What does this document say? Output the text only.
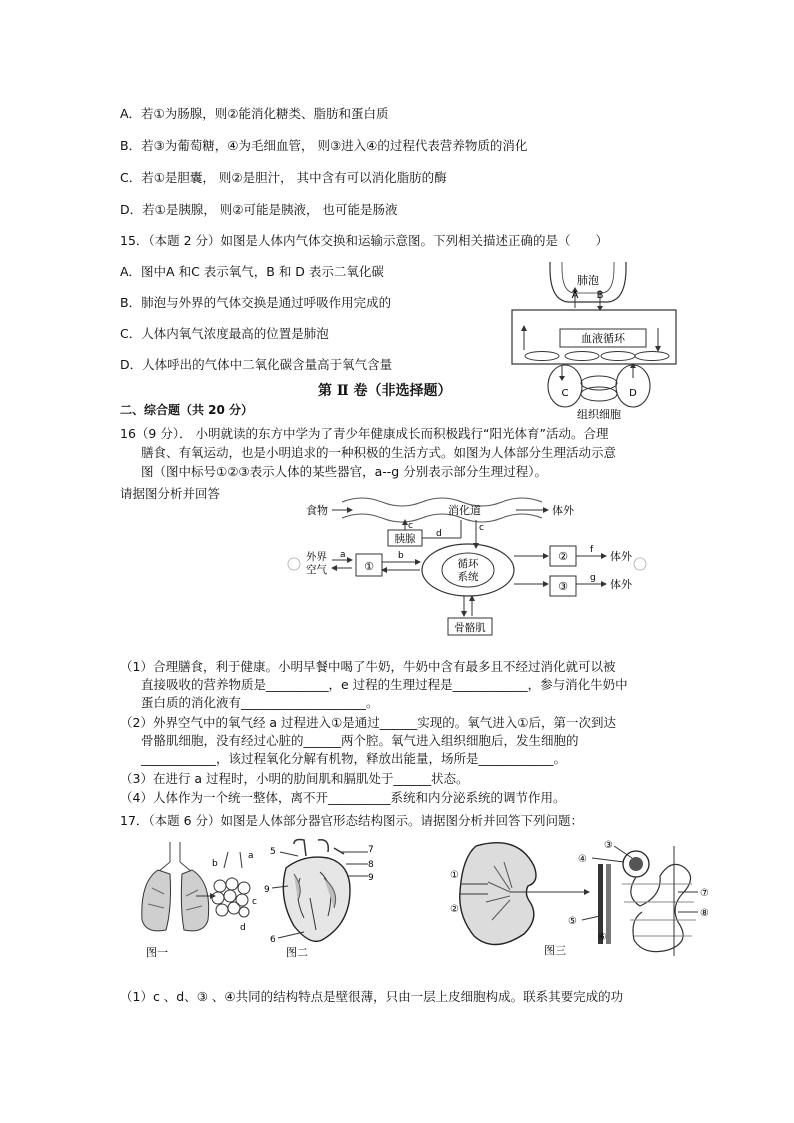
A．若①为肠腺，则②能消化糖类、脂肪和蛋白质
B．若③为葡萄糖，④为毛细血管， 则③进入④的过程代表营养物质的消化
C．若①是胆囊， 则②是胆汁， 其中含有可以消化脂肪的酶
D．若①是胰腺， 则②可能是胰液， 也可能是肠液
15．（本题 2 分）如图是人体内气体交换和运输示意图。下列相关描述正确的是（　　）
A．图中A 和C 表示氧气，B 和 D 表示二氧化碳
B．肺泡与外界的气体交换是通过呼吸作用完成的
C．人体内氧气浓度最高的位置是肺泡
D．人体呼出的气体中二氧化碳含量高于氧气含量
肺泡
A B
血液循环
C	D
组织细胞
第 Ⅱ 卷（非选择题）
二、综合题（共 20 分）
16（9 分）． 小明就读的东方中学为了青少年健康成长而积极践行“阳光体育”活动。合理
膳食、有氧运动，也是小明追求的一种积极的生活方式。如图为人体部分生理活动示意
图（图中标号①②③表示人体的某些器官，a--g 分别表示部分生理过程）。
请据图分析并回答
食物	消化道	体外
胰腺
c
d
c
循环
系统
外界
空气
a
①
b	② f 体外
③
g 体外
骨骼肌
（1）合理膳食，利于健康。小明早餐中喝了牛奶，牛奶中含有最多且不经过消化就可以被
直接吸收的营养物质是__________，e 过程的生理过程是____________，参与消化牛奶中
蛋白质的消化液有____________________。
（2）外界空气中的氧气经 a 过程进入①是通过______实现的。氧气进入①后，第一次到达
骨骼肌细胞，没有经过心脏的______两个腔。氧气进入组织细胞后，发生细胞的
____________，该过程氧化分解有机物，释放出能量，场所是____________。
（3）在进行 a 过程时，小明的肋间肌和膈肌处于______状态。
（4）人体作为一个统一整体，离不开__________系统和内分泌系统的调节作用。
17．（本题 6 分）如图是人体部分器官形态结构图示。请据图分析并回答下列问题：
b
a
c
d
图一
5	7
8
9
9
6
图二
①
②
③
④
⑤
⑥
⑦
⑧
图三
（1）c 、d、③ 、④共同的结构特点是壁很薄，只由一层上皮细胞构成。联系其要完成的功
